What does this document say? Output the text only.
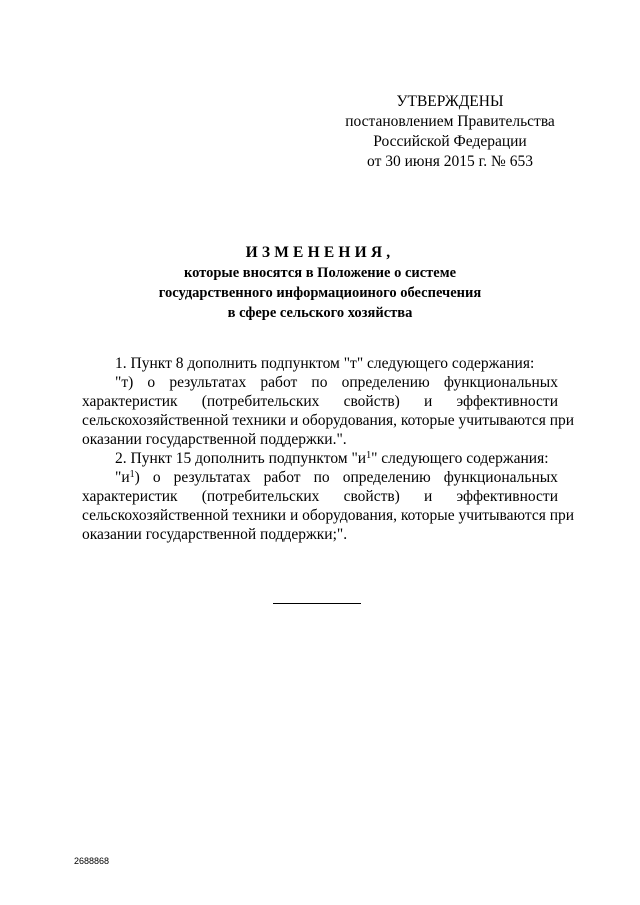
УТВЕРЖДЕНЫ
постановлением Правительства
Российской Федерации
от 30 июня 2015 г. № 653
ИЗМЕНЕНИЯ,
которые вносятся в Положение о системе
государственного информациоиного обеспечения
в сфере сельского хозяйства
1. Пункт 8 дополнить подпунктом "т" следующего содержания:
"т) о результатах работ по определению функциональных
характеристик (потребительских свойств) и эффективности
сельскохозяйственной техники и оборудования, которые учитываются при
оказании государственной поддержки.".
2. Пункт 15 дополнить подпунктом "$и^1$" следующего содержания:
"$и^1$) о результатах работ по определению функциональных
характеристик (потребительских свойств) и эффективности
сельскохозяйственной техники и оборудования, которые учитываются при
оказании государственной поддержки;".
2688868
